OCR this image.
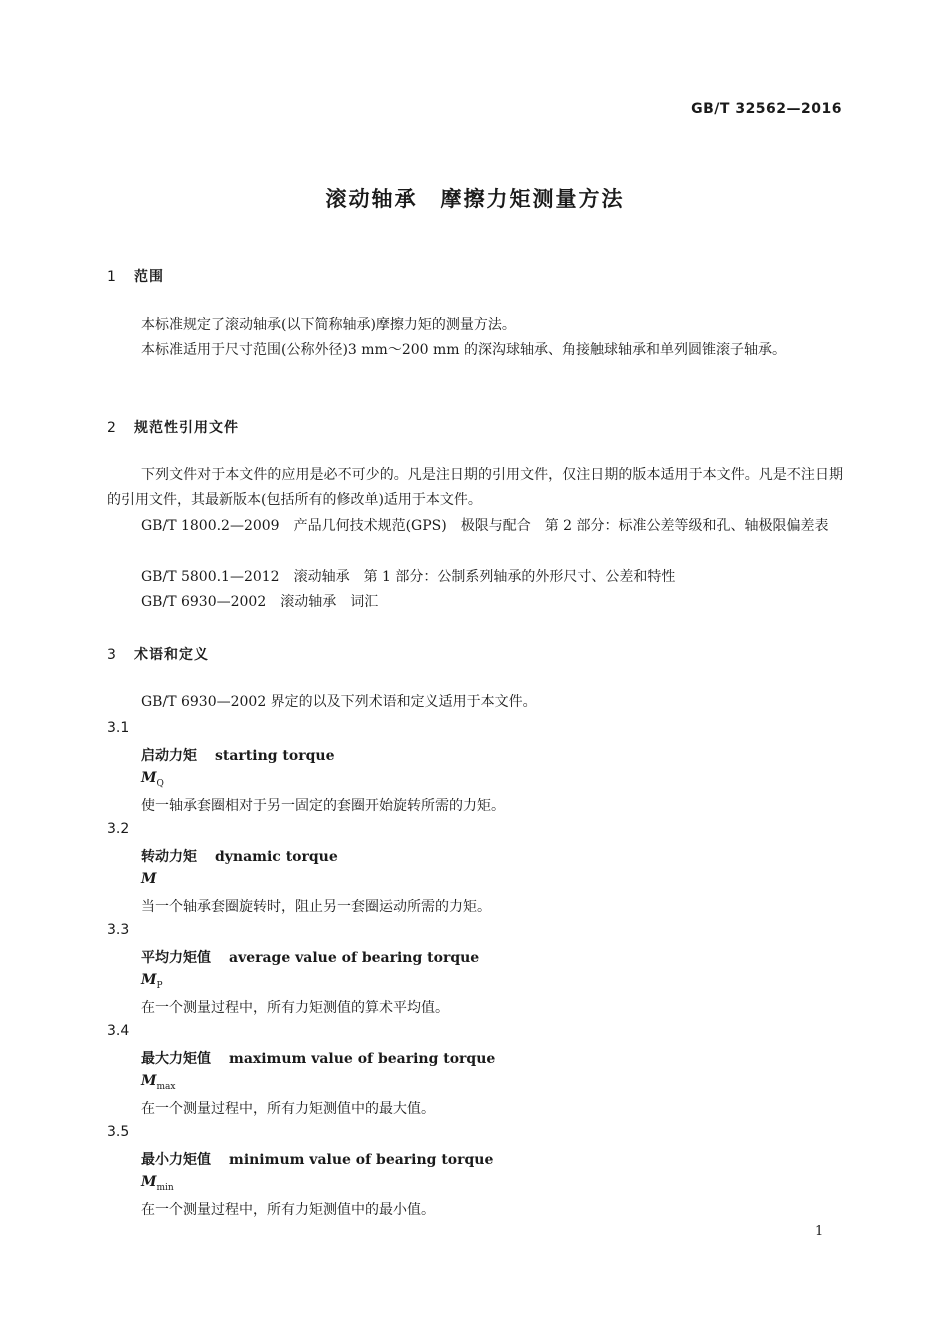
GB/T 32562—2016
滚动轴承　摩擦力矩测量方法
1 范围
本标准规定了滚动轴承(以下简称轴承)摩擦力矩的测量方法。
本标准适用于尺寸范围(公称外径)3 mm～200 mm 的深沟球轴承、角接触球轴承和单列圆锥滚子轴承。
2 规范性引用文件
下列文件对于本文件的应用是必不可少的。凡是注日期的引用文件，仅注日期的版本适用于本文件。凡是不注日期的引用文件，其最新版本(包括所有的修改单)适用于本文件。
GB/T 1800.2—2009　产品几何技术规范(GPS)　极限与配合　第 2 部分：标准公差等级和孔、轴极限偏差表
GB/T 5800.1—2012　滚动轴承　第 1 部分：公制系列轴承的外形尺寸、公差和特性
GB/T 6930—2002　滚动轴承　词汇
3 术语和定义
GB/T 6930—2002 界定的以及下列术语和定义适用于本文件。
3.1
启动力矩 starting torque
$M_Q$
使一轴承套圈相对于另一固定的套圈开始旋转所需的力矩。
3.2
转动力矩 dynamic torque
M
当一个轴承套圈旋转时，阻止另一套圈运动所需的力矩。
3.3
平均力矩值 average value of bearing torque
$M_P$
在一个测量过程中，所有力矩测值的算术平均值。
3.4
最大力矩值 maximum value of bearing torque
$M_{max}$
在一个测量过程中，所有力矩测值中的最大值。
3.5
最小力矩值 minimum value of bearing torque
$M_{min}$
在一个测量过程中，所有力矩测值中的最小值。
1
